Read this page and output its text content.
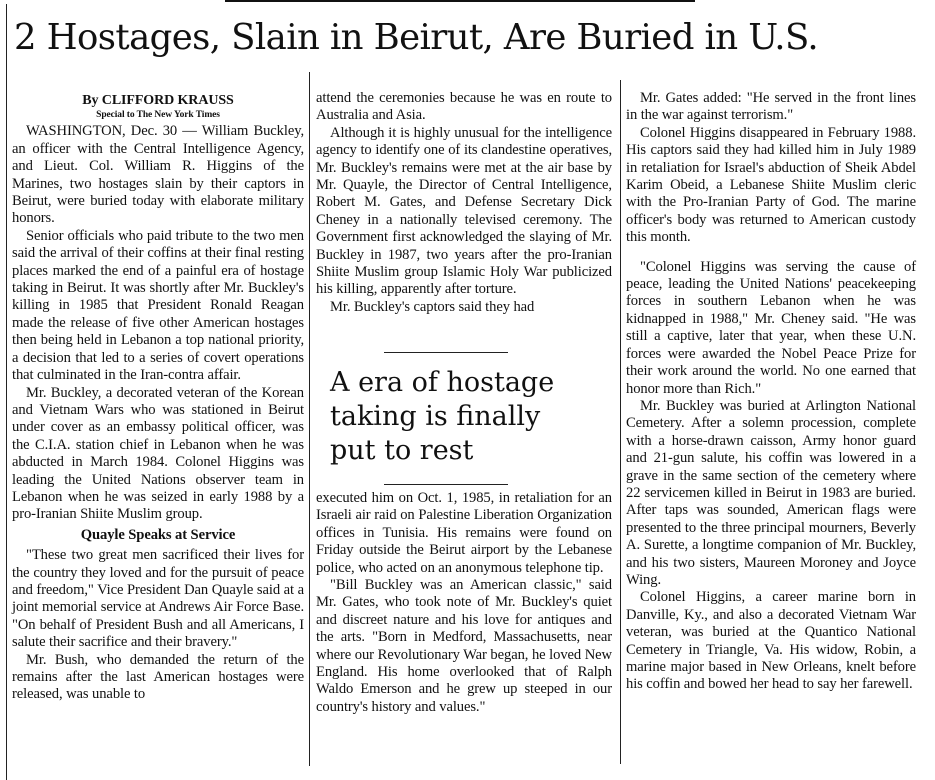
2 Hostages, Slain in Beirut, Are Buried in U.S.

By CLIFFORD KRAUSS

Special to The New York Times

WASHINGTON, Dec. 30 — William Buckley, an officer with the Central Intelligence Agency, and Lieut. Col. William R. Higgins of the Marines, two hostages slain by their captors in Beirut, were buried today with elaborate military honors.

Senior officials who paid tribute to the two men said the arrival of their coffins at their final resting places marked the end of a painful era of hostage taking in Beirut. It was shortly after Mr. Buckley's killing in 1985 that President Ronald Reagan made the release of five other American hostages then being held in Lebanon a top national priority, a decision that led to a series of covert operations that culminated in the Iran-contra affair.

Mr. Buckley, a decorated veteran of the Korean and Vietnam Wars who was stationed in Beirut under cover as an embassy political officer, was the C.I.A. station chief in Lebanon when he was abducted in March 1984. Colonel Higgins was leading the United Nations observer team in Lebanon when he was seized in early 1988 by a pro-Iranian Shiite Muslim group.

Quayle Speaks at Service

"These two great men sacrificed their lives for the country they loved and for the pursuit of peace and freedom," Vice President Dan Quayle said at a joint memorial service at Andrews Air Force Base. "On behalf of President Bush and all Americans, I salute their sacrifice and their bravery."

Mr. Bush, who demanded the return of the remains after the last American hostages were released, was unable to

attend the ceremonies because he was en route to Australia and Asia.

Although it is highly unusual for the intelligence agency to identify one of its clandestine operatives, Mr. Buckley's remains were met at the air base by Mr. Quayle, the Director of Central Intelligence, Robert M. Gates, and Defense Secretary Dick Cheney in a nationally televised ceremony. The Government first acknowledged the slaying of Mr. Buckley in 1987, two years after the pro-Iranian Shiite Muslim group Islamic Holy War publicized his killing, apparently after torture.

Mr. Buckley's captors said they had

A era of hostage
taking is finally
put to rest

executed him on Oct. 1, 1985, in retaliation for an Israeli air raid on Palestine Liberation Organization offices in Tunisia. His remains were found on Friday outside the Beirut airport by the Lebanese police, who acted on an anonymous telephone tip.

"Bill Buckley was an American classic," said Mr. Gates, who took note of Mr. Buckley's quiet and discreet nature and his love for antiques and the arts. "Born in Medford, Massachusetts, near where our Revolutionary War began, he loved New England. His home overlooked that of Ralph Waldo Emerson and he grew up steeped in our country's history and values."

Mr. Gates added: "He served in the front lines in the war against terrorism."

Colonel Higgins disappeared in February 1988. His captors said they had killed him in July 1989 in retaliation for Israel's abduction of Sheik Abdel Karim Obeid, a Lebanese Shiite Muslim cleric with the Pro-Iranian Party of God. The marine officer's body was returned to American custody this month.

"Colonel Higgins was serving the cause of peace, leading the United Nations' peacekeeping forces in southern Lebanon when he was kidnapped in 1988," Mr. Cheney said. "He was still a captive, later that year, when these U.N. forces were awarded the Nobel Peace Prize for their work around the world. No one earned that honor more than Rich."

Mr. Buckley was buried at Arlington National Cemetery. After a solemn procession, complete with a horse-drawn caisson, Army honor guard and 21-gun salute, his coffin was lowered in a grave in the same section of the cemetery where 22 servicemen killed in Beirut in 1983 are buried. After taps was sounded, American flags were presented to the three principal mourners, Beverly A. Surette, a longtime companion of Mr. Buckley, and his two sisters, Maureen Moroney and Joyce Wing.

Colonel Higgins, a career marine born in Danville, Ky., and also a decorated Vietnam War veteran, was buried at the Quantico National Cemetery in Triangle, Va. His widow, Robin, a marine major based in New Orleans, knelt before his coffin and bowed her head to say her farewell.
